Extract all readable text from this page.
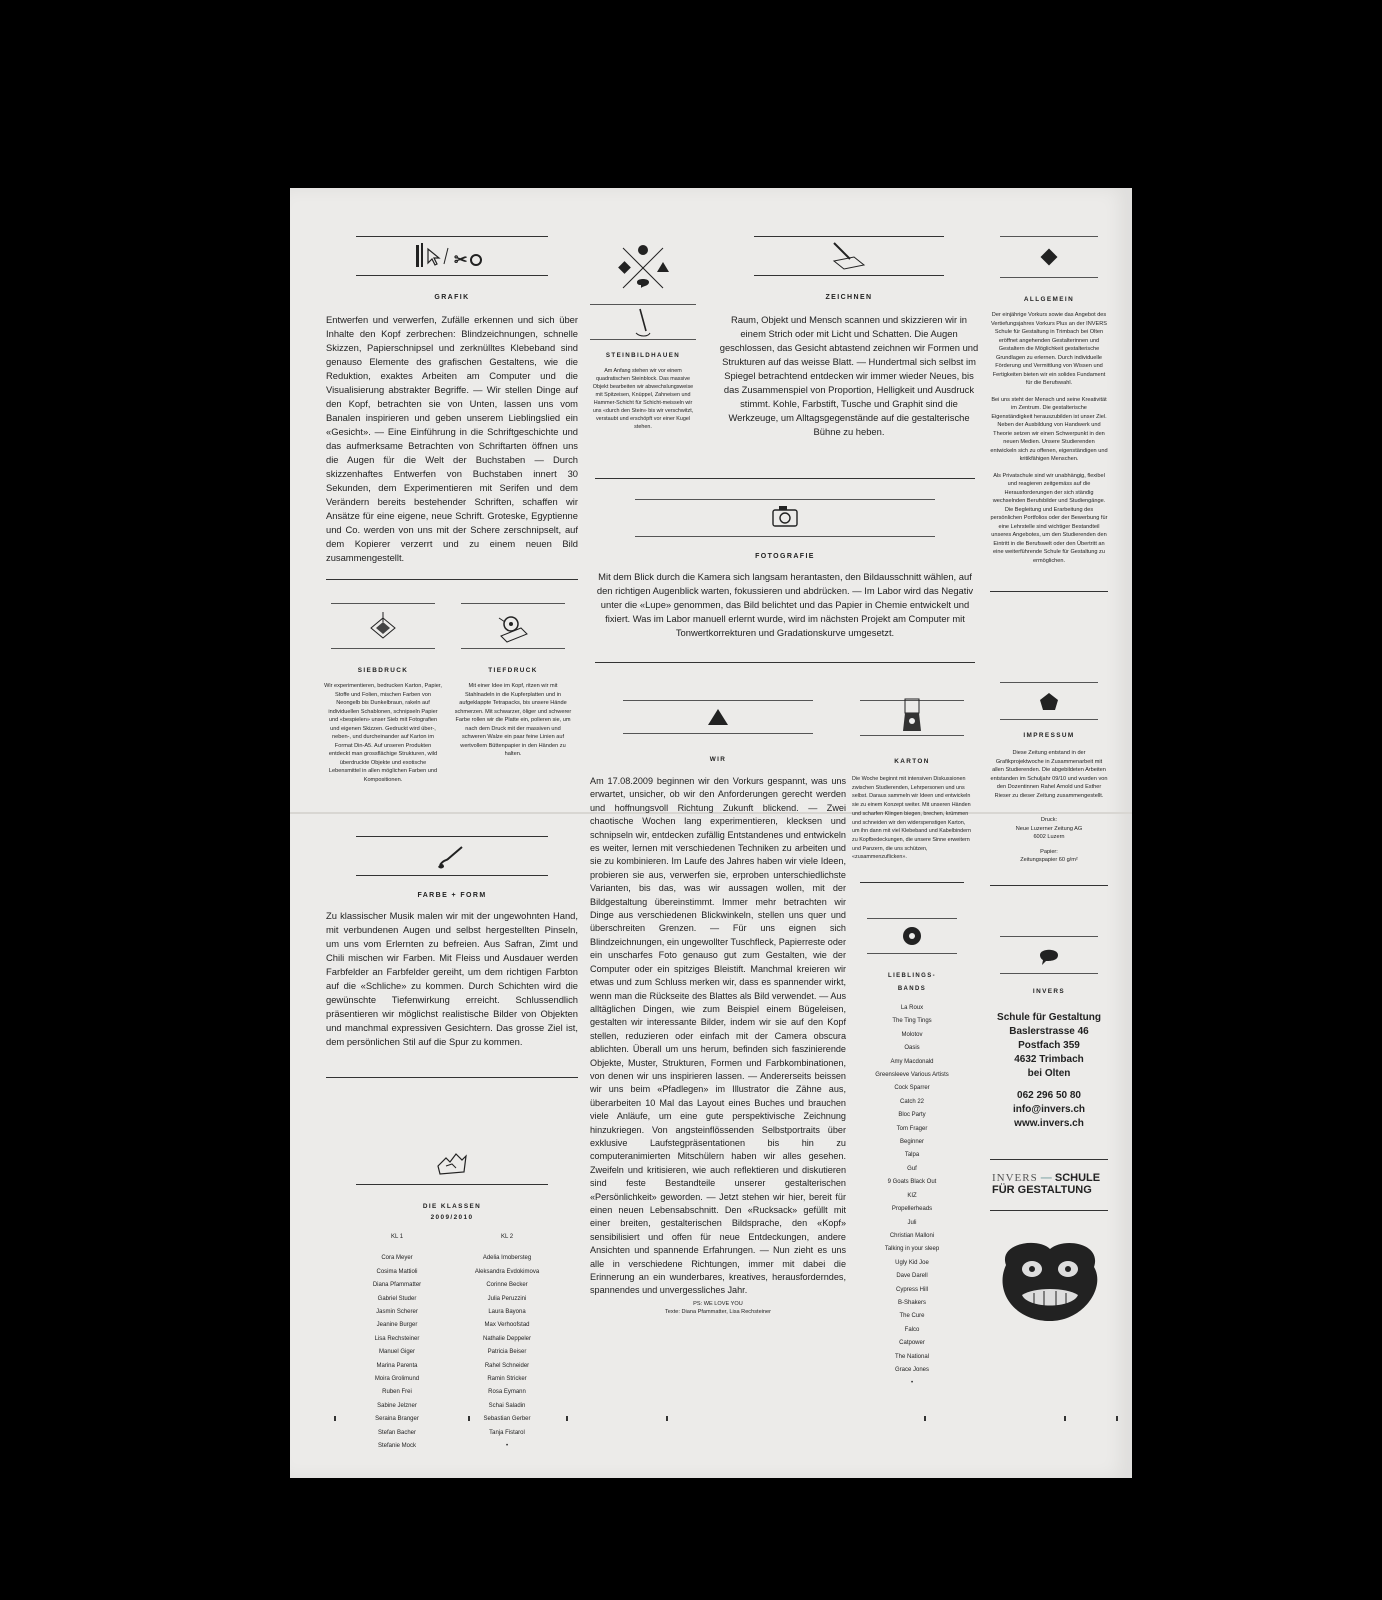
✂

GRAFIK

Entwerfen und verwerfen, Zufälle erkennen und sich über Inhalte den Kopf zerbrechen: Blindzeichnungen, schnelle Skizzen, Papierschnipsel und zerknülltes Klebeband sind genauso Elemente des grafischen Gestaltens, wie die Reduktion, exaktes Arbeiten am Computer und die Visualisierung abstrakter Begriffe. — Wir stellen Dinge auf den Kopf, betrachten sie von Unten, lassen uns vom Banalen inspirieren und geben unserem Lieblingslied ein «Gesicht». — Eine Einführung in die Schriftgeschichte und das aufmerksame Betrachten von Schriftarten öffnen uns die Augen für die Welt der Buchstaben — Durch skizzenhaftes Entwerfen von Buchstaben innert 30 Sekunden, dem Experimentieren mit Serifen und dem Verändern bereits bestehender Schriften, schaffen wir Ansätze für eine eigene, neue Schrift. Groteske, Egyptienne und Co. werden von uns mit der Schere zerschnipselt, auf dem Kopierer verzerrt und zu einem neuen Bild zusammengestellt.

SIEBDRUCK

Wir experimentieren, bedrucken Karton, Papier, Stoffe und Folien, mischen Farben von Neongelb bis Dunkelbraun, rakeln auf individuellen Schablonen, schnipseln Papier und «bespielen» unser Sieb mit Fotografien und eigenen Skizzen. Gedruckt wird über-, neben-, und durcheinander auf Karton im Format Din-A5. Auf unseren Produkten entdeckt man grossflächige Strukturen, wild überdruckte Objekte und exotische Lebensmittel in allen möglichen Farben und Kompositionen.

TIEFDRUCK

Mit einer Idee im Kopf, ritzen wir mit Stahlnadeln in die Kupferplatten und in aufgeklappte Tetrapacks, bis unsere Hände schmerzen. Mit schwarzer, öliger und schwerer Farbe rollen wir die Platte ein, polieren sie, um nach dem Druck mit der massiven und schweren Walze ein paar feine Linien auf wertvollem Büttenpapier in den Händen zu halten.

FARBE + FORM

Zu klassischer Musik malen wir mit der ungewohnten Hand, mit verbundenen Augen und selbst hergestellten Pinseln, um uns vom Erlernten zu befreien. Aus Safran, Zimt und Chili mischen wir Farben. Mit Fleiss und Ausdauer werden Farbfelder an Farbfelder gereiht, um dem richtigen Farbton auf die «Schliche» zu kommen. Durch Schichten wird die gewünschte Tiefenwirkung erreicht. Schlussendlich präsentieren wir möglichst realistische Bilder von Objekten und manchmal expressiven Gesichtern. Das grosse Ziel ist, dem persönlichen Stil auf die Spur zu kommen.

DIE KLASSEN

2009/2010

KL 1

Cora Meyer

Cosima Mattioli

Diana Pfammatter

Gabriel Studer

Jasmin Scherer

Jeanine Burger

Lisa Rechsteiner

Manuel Giger

Marina Parenta

Moira Grolimund

Ruben Frei

Sabine Jelzner

Seraina Branger

Stefan Bacher

Stefanie Mock

KL 2

Adelia Imobersteg

Aleksandra Evdokimova

Corinne Becker

Julia Peruzzini

Laura Bayona

Max Verhoofstad

Nathalie Deppeler

Patricia Beiser

Rahel Schneider

Ramin Stricker

Rosa Eymann

Schai Saladin

Sebastian Gerber

Tanja Fistarol

•

STEINBILDHAUEN

Am Anfang stehen wir vor einem quadratischen Steinblock. Das massive Objekt bearbeiten wir abwechslungsweise mit Spitzeisen, Knüppel, Zahneisen und Hammer-Schicht für Schicht-meisseln wir uns «durch den Stein» bis wir verschwitzt, verstaubt und erschöpft vor einer Kugel stehen.

ZEICHNEN

Raum, Objekt und Mensch scannen und skizzieren wir in einem Strich oder mit Licht und Schatten. Die Augen geschlossen, das Gesicht abtastend zeichnen wir Formen und Strukturen auf das weisse Blatt. — Hundertmal sich selbst im Spiegel betrachtend entdecken wir immer wieder Neues, bis das Zusammenspiel von Proportion, Helligkeit und Ausdruck stimmt. Kohle, Farbstift, Tusche und Graphit sind die Werkzeuge, um Alltagsgegenstände auf die gestalterische Bühne zu heben.

FOTOGRAFIE

Mit dem Blick durch die Kamera sich langsam herantasten, den Bildausschnitt wählen, auf den richtigen Augenblick warten, fokussieren und abdrücken. — Im Labor wird das Negativ unter die «Lupe» genommen, das Bild belichtet und das Papier in Chemie entwickelt und fixiert. Was im Labor manuell erlernt wurde, wird im nächsten Projekt am Computer mit Tonwertkorrekturen und Gradationskurve umgesetzt.

WIR

Am 17.08.2009 beginnen wir den Vorkurs gespannt, was uns erwartet, unsicher, ob wir den Anforderungen gerecht werden und hoffnungsvoll Richtung Zukunft blickend. — Zwei chaotische Wochen lang experimentieren, klecksen und schnipseln wir, entdecken zufällig Entstandenes und entwickeln es weiter, lernen mit verschiedenen Techniken zu arbeiten und sie zu kombinieren. Im Laufe des Jahres haben wir viele Ideen, probieren sie aus, verwerfen sie, erproben unterschiedlichste Varianten, bis das, was wir aussagen wollen, mit der Bildgestaltung übereinstimmt. Immer mehr betrachten wir Dinge aus verschiedenen Blickwinkeln, stellen uns quer und überschreiten Grenzen. — Für uns eignen sich Blindzeichnungen, ein ungewollter Tuschfleck, Papierreste oder ein unscharfes Foto genauso gut zum Gestalten, wie der Computer oder ein spitziges Bleistift. Manchmal kreieren wir etwas und zum Schluss merken wir, dass es spannender wirkt, wenn man die Rückseite des Blattes als Bild verwendet. — Aus alltäglichen Dingen, wie zum Beispiel einem Bügeleisen, gestalten wir interessante Bilder, indem wir sie auf den Kopf stellen, reduzieren oder einfach mit der Camera obscura ablichten. Überall um uns herum, befinden sich faszinierende Objekte, Muster, Strukturen, Formen und Farbkombinationen, von denen wir uns inspirieren lassen. — Andererseits beissen wir uns beim «Pfadlegen» im Illustrator die Zähne aus, überarbeiten 10 Mal das Layout eines Buches und brauchen viele Anläufe, um eine gute perspektivische Zeichnung hinzukriegen. Von angsteinflössenden Selbstportraits über exklusive Laufstegpräsentationen bis hin zu computeranimierten Mitschülern haben wir alles gesehen. Zweifeln und kritisieren, wie auch reflektieren und diskutieren sind feste Bestandteile unserer gestalterischen «Persönlichkeit» geworden. — Jetzt stehen wir hier, bereit für einen neuen Lebensabschnitt. Den «Rucksack» gefüllt mit einer breiten, gestalterischen Bildsprache, den «Kopf» sensibilisiert und offen für neue Entdeckungen, andere Ansichten und spannende Erfahrungen. — Nun zieht es uns alle in verschiedene Richtungen, immer mit dabei die Erinnerung an ein wunderbares, kreatives, herausforderndes, spannendes und unvergessliches Jahr.

PS: WE LOVE YOU

Texte: Diana Pfammatter, Lisa Rechsteiner

KARTON

Die Woche beginnt mit intensiven Diskussionen zwischen Studierenden, Lehrpersonen und uns selbst. Daraus sammeln wir Ideen und entwickeln sie zu einem Konzept weiter. Mit unseren Händen und scharfen Klingen biegen, brechen, krümmen und schneiden wir den widerspenstigen Karton, um ihn dann mit viel Klebeband und Kabelbindern zu Kopfbedeckungen, die unsere Sinne erweitern und Panzern, die uns schützen, «zusammenzuflicken».

LIEBLINGS-
BANDS

La Roux

The Ting Tings

Molotov

Oasis

Amy Macdonald

Greensleeve Various Artists

Cock Sparrer

Catch 22

Bloc Party

Tom Frager

Beginner

Talpa

Guf

9 Goats Black Out

KIZ

Propellerheads

Juli

Christian Malloni

Talking in your sleep

Ugly Kid Joe

Dave Darell

Cypress Hill

B-Shakers

The Cure

Falco

Catpower

The National

Grace Jones

•

ALLGEMEIN

Der einjährige Vorkurs sowie das Angebot des Vertiefungsjahres Vorkurs Plus an der INVERS Schule für Gestaltung in Trimbach bei Olten eröffnet angehenden Gestalterinnen und Gestaltern die Möglichkeit gestalterische Grundlagen zu erlernen. Durch individuelle Förderung und Vermittlung von Wissen und Fertigkeiten bieten wir ein solides Fundament für die Berufswahl.

Bei uns steht der Mensch und seine Kreativität im Zentrum. Die gestalterische Eigenständigkeit herauszubilden ist unser Ziel. Neben der Ausbildung von Handwerk und Theorie setzen wir einen Schwerpunkt in den neuen Medien. Unsere Studierenden entwickeln sich zu offenen, eigenständigen und kritikfähigen Menschen.

Als Privatschule sind wir unabhängig, flexibel und reagieren zeitgemäss auf die Herausforderungen der sich ständig wechselnden Berufsbilder und Studiengänge. Die Begleitung und Erarbeitung des persönlichen Portfolios oder der Bewerbung für eine Lehrstelle sind wichtiger Bestandteil unseres Angebotes, um den Studierenden den Eintritt in die Berufswelt oder den Übertritt an eine weiterführende Schule für Gestaltung zu ermöglichen.

IMPRESSUM

Diese Zeitung entstand in der Grafikprojektwoche in Zusammenarbeit mit allen Studierenden. Die abgebildeten Arbeiten entstanden im Schuljahr 09/10 und wurden von den Dozentinnen Rahel Arnold und Esther Rieser zu dieser Zeitung zusammengestellt.

Druck:

Neue Luzerner Zeitung AG

6002 Luzern

Papier:

Zeitungspapier 60 g/m²

INVERS

Schule für Gestaltung

Baslerstrasse 46

Postfach 359

4632 Trimbach

bei Olten

062 296 50 80

info@invers.ch

www.invers.ch

INVERS — SCHULE
FÜR GESTALTUNG
